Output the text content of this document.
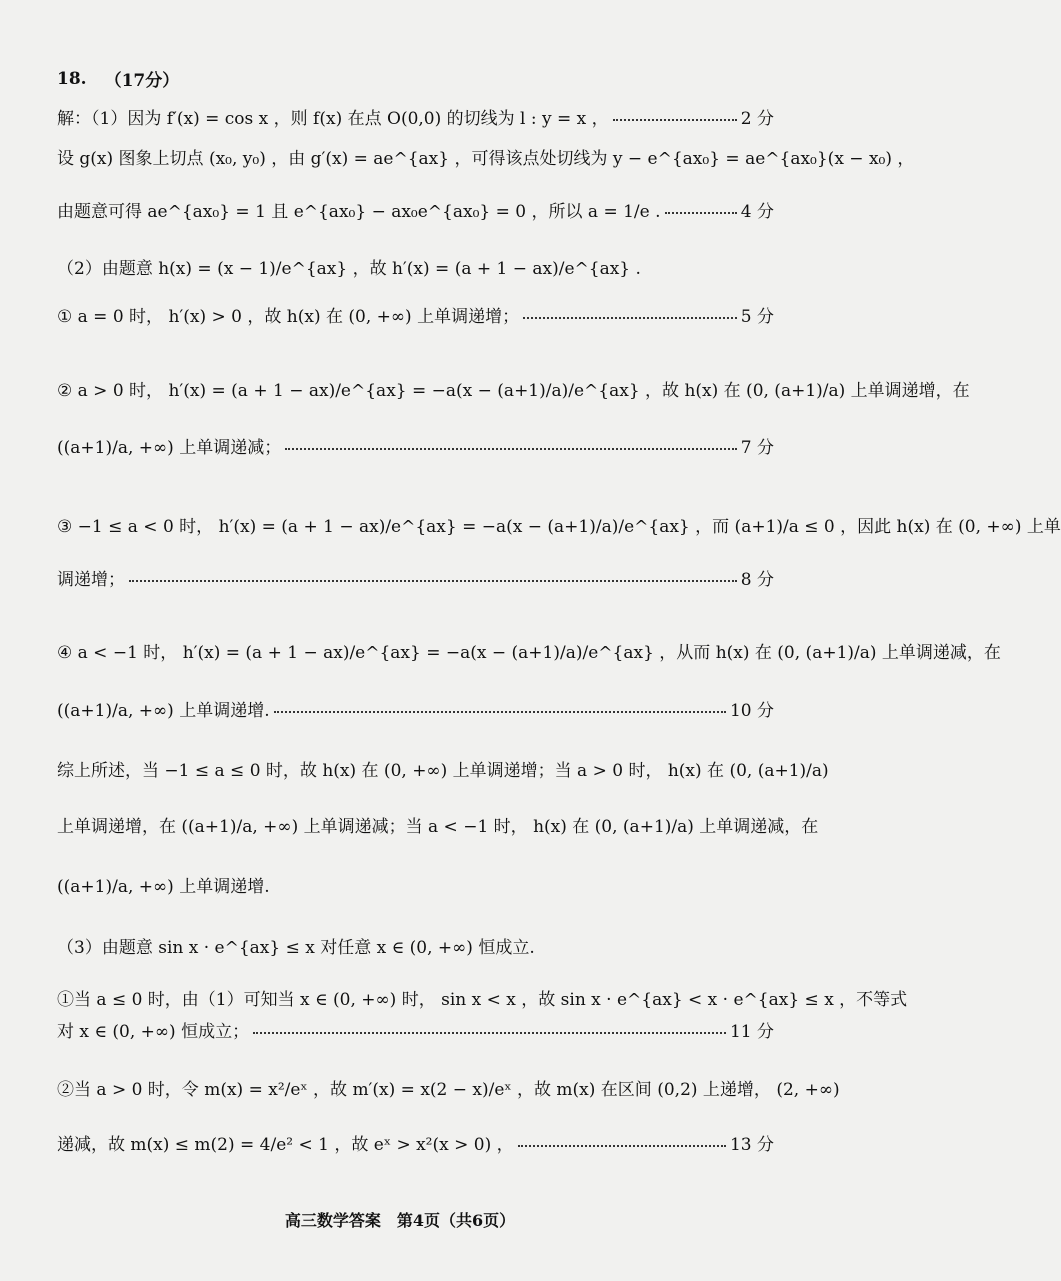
18. （17分）
解：（1）因为 f′(x) = cos x ，则 f(x) 在点 O(0,0) 的切线为 l : y = x ，	2 分
设 g(x) 图象上切点 (x₀, y₀) ，由 g′(x) = ae^{ax} ，可得该点处切线为 y − e^{ax₀} = ae^{ax₀}(x − x₀) ，
由题意可得 ae^{ax₀} = 1 且 e^{ax₀} − ax₀e^{ax₀} = 0 ，所以 a = 1/e .	4 分
（2）由题意 h(x) = (x − 1)/e^{ax} ，故 h′(x) = (a + 1 − ax)/e^{ax} .
① a = 0 时， h′(x) > 0 ，故 h(x) 在 (0, +∞) 上单调递增；	5 分
② a > 0 时， h′(x) = (a + 1 − ax)/e^{ax} = −a(x − (a+1)/a)/e^{ax} ，故 h(x) 在 (0, (a+1)/a) 上单调递增，在
((a+1)/a, +∞) 上单调递减；	7 分
③ −1 ≤ a < 0 时， h′(x) = (a + 1 − ax)/e^{ax} = −a(x − (a+1)/a)/e^{ax} ，而 (a+1)/a ≤ 0 ，因此 h(x) 在 (0, +∞) 上单
调递增；	8 分
④ a < −1 时， h′(x) = (a + 1 − ax)/e^{ax} = −a(x − (a+1)/a)/e^{ax} ，从而 h(x) 在 (0, (a+1)/a) 上单调递减，在
((a+1)/a, +∞) 上单调递增.	10 分
综上所述，当 −1 ≤ a ≤ 0 时，故 h(x) 在 (0, +∞) 上单调递增；当 a > 0 时， h(x) 在 (0, (a+1)/a)
上单调递增，在 ((a+1)/a, +∞) 上单调递减；当 a < −1 时， h(x) 在 (0, (a+1)/a) 上单调递减，在
((a+1)/a, +∞) 上单调递增.
（3）由题意 sin x · e^{ax} ≤ x 对任意 x ∈ (0, +∞) 恒成立.
①当 a ≤ 0 时，由（1）可知当 x ∈ (0, +∞) 时， sin x < x ，故 sin x · e^{ax} < x · e^{ax} ≤ x ，不等式
对 x ∈ (0, +∞) 恒成立；	11 分
②当 a > 0 时，令 m(x) = x²/eˣ ，故 m′(x) = x(2 − x)/eˣ ，故 m(x) 在区间 (0,2) 上递增， (2, +∞)
递减，故 m(x) ≤ m(2) = 4/e² < 1 ，故 eˣ > x²(x > 0) ，	13 分
高三数学答案　第4页（共6页）
